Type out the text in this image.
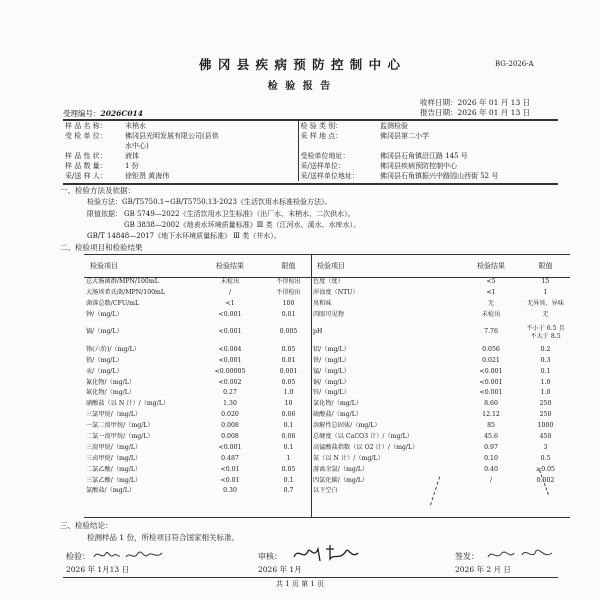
佛 冈 县 疾 病 预 防 控 制 中 心	BG-2026-A
检 验 报 告
收样日期：2026 年 01 月 13 日
报告日期：2026 年 01 月 13 日
受理编号：2026C014
样 品 名 称：	末梢水	检 验 类 别：	监测检验
受 检 单 位：	佛冈县光明发展有限公司(县供	采 样 地 点：	佛冈县第二小学
	水中心)		
样 品 性 状：	液体	受检单位地址：	佛冈县石角镇沿江路 145 号
样 品 数 量：	1 份	采/送样单位：	佛冈县疾病预防控制中心
采/送 样 人：	徐钜贤 黄海伟	采/送样单位地址：	佛冈县石角镇振兴中路园山西街 52 号
一、检验方法及依据：
检验方法：GB/T5750.1~GB/T5750.13-2023《生活饮用水标准检验方法》。
限值依据： GB 5749—2022《生活饮用水卫生标准》（出厂水、末梢水、二次供水）。
GB 3838—2002《地表水环境质量标准》Ⅲ 类（江河水、溪水、水库水）。
GB/T 14848—2017《地下水环境质量标准》 Ⅲ 类（井水）。
二、检验项目和检验结果
检验项目	检验结果	限值	检验项目	检验结果	限值
总大肠菌群/MPN/100mL	未检出	不得检出	色度（度）	<5	15
大肠埃希氏菌/MPN/100mL	/	不得检出	浑浊度（NTU）	<1	1
菌落总数/CFU/mL	<1	100	臭和味	无	无异臭、异味
钟/（mg/L）	<0.001	0.01	肉眼可见物	未检出	无
镉/（mg/L）	<0.001	0.005	pH	7.76	不小于 6.5 且
不大于 8.5
铬(六价)/（mg/L）	<0.004	0.05	铝/（mg/L）	0.056	0.2
铅/（mg/L）	<0.001	0.01	铁/（mg/L）	0.021	0.3
汞/（mg/L）	<0.00005	0.001	锰/（mg/L）	<0.001	0.1
氰化物/（mg/L）	<0.002	0.05	铜/（mg/L）	<0.001	1.0
氟化物/（mg/L）	0.27	1.0	锌/（mg/L）	<0.001	1.0
硝酸盐（以 N 计）/（mg/L）	1.30	10	氯化物/（mg/L）	8.60	250
三氯甲烷/（mg/L）	0.020	0.06	硫酸盐/（mg/L）	12.12	250
一氯二溴甲烷/（mg/L）	0.008	0.1	溶解性总固体/（mg/L）	85	1000
二氯一溴甲烷/（mg/L）	0.008	0.06	总硬度（以 CaCO3 计）/（mg/L）	45.6	450
三溴甲烷/（mg/L）	<0.001	0.1	高锰酸盐指数（以 O2 计）/（mg/L）	0.97	3
三卤甲烷/（mg/L）	0.487	1	氨（以 N 计）/（mg/L）	0.10	0.5
二氯乙酸/（mg/L）	<0.01	0.05	游离余氯/（mg/L）	0.40	≥0.05
三氯乙酸/（mg/L）	<0.01	0.1	四氯化碳/（mg/L）	/	0.002
氯酸盐/（mg/L）	0.30	0.7	以下空白		
三、检验结论：
检测样品 1 份，所检项目符合国家相关标准。
检验：
2026 年 1月13 日
审核：
2026 年 1月
签发：
2026 年 2 月 日
共 1 页 第 1 页
